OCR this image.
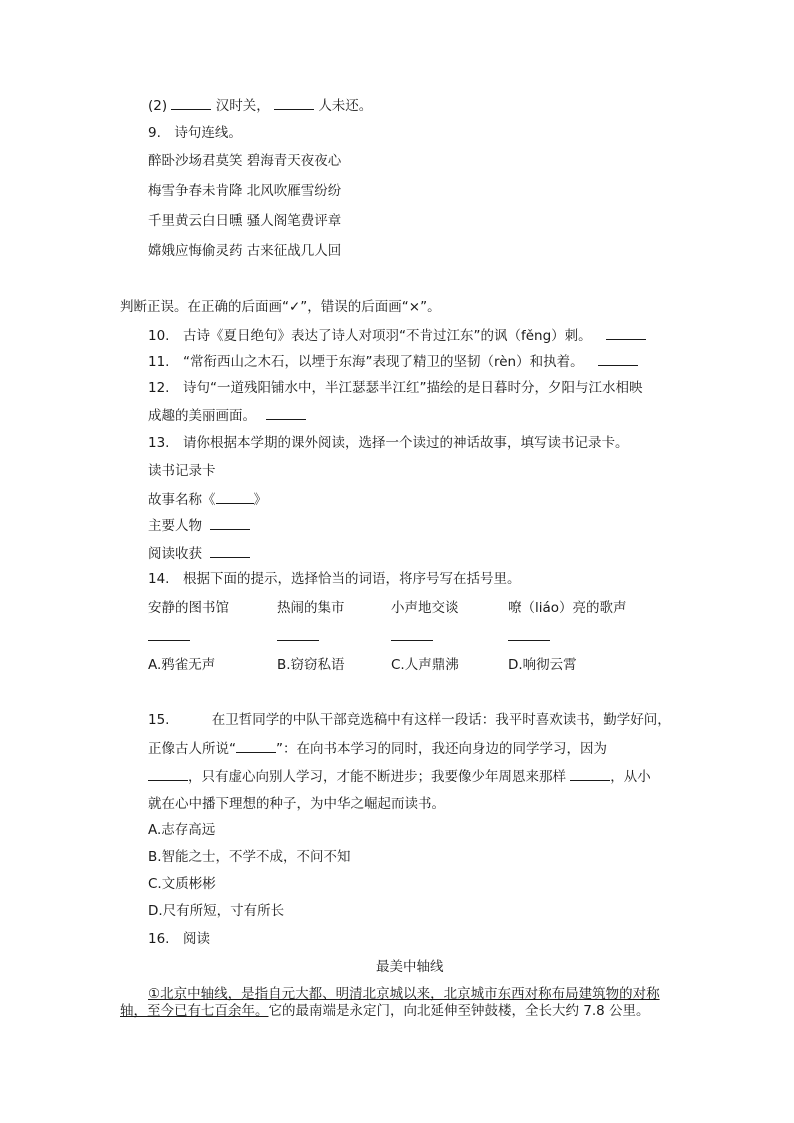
(2)	汉时关，	人未还。
9.　诗句连线。
醉卧沙场君莫笑 碧海青天夜夜心
梅雪争春未肯降 北风吹雁雪纷纷
千里黄云白日曛 骚人阁笔费评章
嫦娥应悔偷灵药 古来征战几人回
判断正误。在正确的后面画“✓”，错误的后面画“×”。
10.　古诗《夏日绝句》表达了诗人对项羽“不肯过江东”的讽（fěng）刺。
11.　“常衔西山之木石，以堙于东海”表现了精卫的坚韧（rèn）和执着。
12.　诗句“一道残阳铺水中，半江瑟瑟半江红”描绘的是日暮时分，夕阳与江水相映
成趣的美丽画面。
13.　请你根据本学期的课外阅读，选择一个读过的神话故事，填写读书记录卡。
读书记录卡
故事名称《	》
主要人物
阅读收获
14.　根据下面的提示，选择恰当的词语，将序号写在括号里。
安静的图书馆	热闹的集市	小声地交谈	嘹（liáo）亮的歌声
A.鸦雀无声	B.窃窃私语	C.人声鼎沸	D.响彻云霄
15.	在卫哲同学的中队干部竞选稿中有这样一段话：我平时喜欢读书，勤学好问，
正像古人所说“	”：在向书本学习的同时，我还向身边的同学学习，因为
，只有虚心向别人学习，才能不断进步；我要像少年周恩来那样	，从小
就在心中播下理想的种子，为中华之崛起而读书。
A.志存高远
B.智能之士，不学不成，不问不知
C.文质彬彬
D.尺有所短，寸有所长
16.　阅读
最美中轴线
①北京中轴线，是指自元大都、明清北京城以来，北京城市东西对称布局建筑物的对称
轴，至今已有七百余年。它的最南端是永定门，向北延伸至钟鼓楼，全长大约 7.8 公里。
